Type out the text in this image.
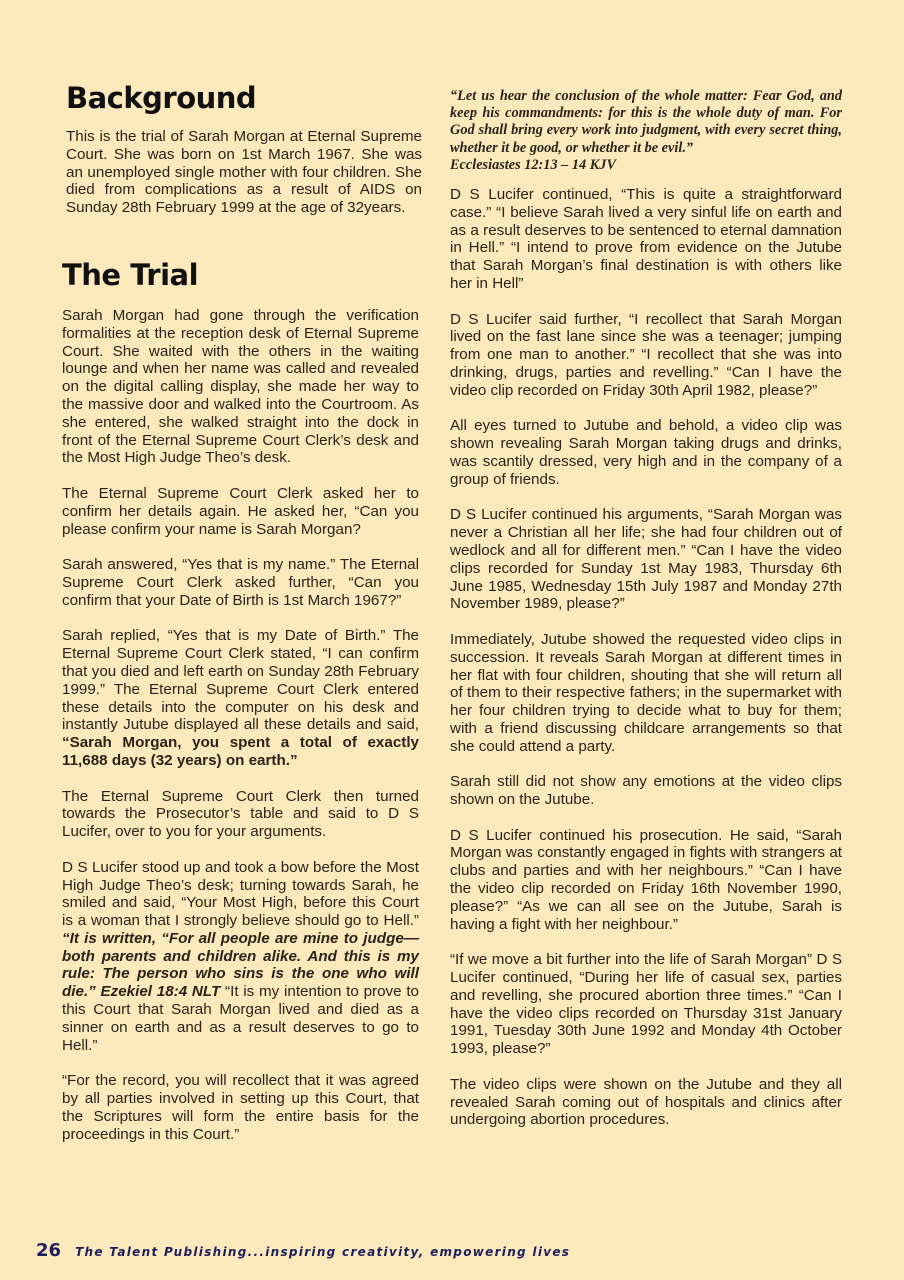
Background

This is the trial of Sarah Morgan at Eternal Supreme Court. She was born on 1st March 1967. She was an unemployed single mother with four children. She died from complications as a result of AIDS on Sunday 28th February 1999 at the age of 32years.

The Trial

Sarah Morgan had gone through the verification formalities at the reception desk of Eternal Supreme Court. She waited with the others in the waiting lounge and when her name was called and revealed on the digital calling display, she made her way to the massive door and walked into the Courtroom. As she entered, she walked straight into the dock in front of the Eternal Supreme Court Clerk’s desk and the Most High Judge Theo’s desk.

The Eternal Supreme Court Clerk asked her to confirm her details again. He asked her, “Can you please confirm your name is Sarah Morgan?

Sarah answered, “Yes that is my name.” The Eternal Supreme Court Clerk asked further, “Can you confirm that your Date of Birth is 1st March 1967?”

Sarah replied, “Yes that is my Date of Birth.” The Eternal Supreme Court Clerk stated, “I can confirm that you died and left earth on Sunday 28th February 1999.” The Eternal Supreme Court Clerk entered these details into the computer on his desk and instantly Jutube displayed all these details and said, “Sarah Morgan, you spent a total of exactly 11,688 days (32 years) on earth.”

The Eternal Supreme Court Clerk then turned towards the Prosecutor’s table and said to D S Lucifer, over to you for your arguments.

D S Lucifer stood up and took a bow before the Most High Judge Theo’s desk; turning towards Sarah, he smiled and said, “Your Most High, before this Court is a woman that I strongly believe should go to Hell.” “It is written, “For all people are mine to judge—both parents and children alike. And this is my rule: The person who sins is the one who will die.” Ezekiel 18:4 NLT “It is my intention to prove to this Court that Sarah Morgan lived and died as a sinner on earth and as a result deserves to go to Hell.”

“For the record, you will recollect that it was agreed by all parties involved in setting up this Court, that the Scriptures will form the entire basis for the proceedings in this Court.”

“Let us hear the conclusion of the whole matter: Fear God, and keep his commandments: for this is the whole duty of man. For God shall bring every work into judgment, with every secret thing, whether it be good, or whether it be evil.”
Ecclesiastes 12:13 – 14 KJV

D S Lucifer continued, “This is quite a straightforward case.” “I believe Sarah lived a very sinful life on earth and as a result deserves to be sentenced to eternal damnation in Hell.” “I intend to prove from evidence on the Jutube that Sarah Morgan’s final destination is with others like her in Hell”

D S Lucifer said further, “I recollect that Sarah Morgan lived on the fast lane since she was a teenager; jumping from one man to another.” “I recollect that she was into drinking, drugs, parties and revelling.” “Can I have the video clip recorded on Friday 30th April 1982, please?”

All eyes turned to Jutube and behold, a video clip was shown revealing Sarah Morgan taking drugs and drinks, was scantily dressed, very high and in the company of a group of friends.

D S Lucifer continued his arguments, “Sarah Morgan was never a Christian all her life; she had four children out of wedlock and all for different men.” “Can I have the video clips recorded for Sunday 1st May 1983, Thursday 6th June 1985, Wednesday 15th July 1987 and Monday 27th November 1989, please?”

Immediately, Jutube showed the requested video clips in succession. It reveals Sarah Morgan at different times in her flat with four children, shouting that she will return all of them to their respective fathers; in the supermarket with her four children trying to decide what to buy for them; with a friend discussing childcare arrangements so that she could attend a party.

Sarah still did not show any emotions at the video clips shown on the Jutube.

D S Lucifer continued his prosecution. He said, “Sarah Morgan was constantly engaged in fights with strangers at clubs and parties and with her neighbours.” “Can I have the video clip recorded on Friday 16th November 1990, please?” “As we can all see on the Jutube, Sarah is having a fight with her neighbour.”

“If we move a bit further into the life of Sarah Morgan” D S Lucifer continued, “During her life of casual sex, parties and revelling, she procured abortion three times.” “Can I have the video clips recorded on Thursday 31st January 1991, Tuesday 30th June 1992 and Monday 4th October 1993, please?”

The video clips were shown on the Jutube and they all revealed Sarah coming out of hospitals and clinics after undergoing abortion procedures.

26 The Talent Publishing...inspiring creativity, empowering lives
